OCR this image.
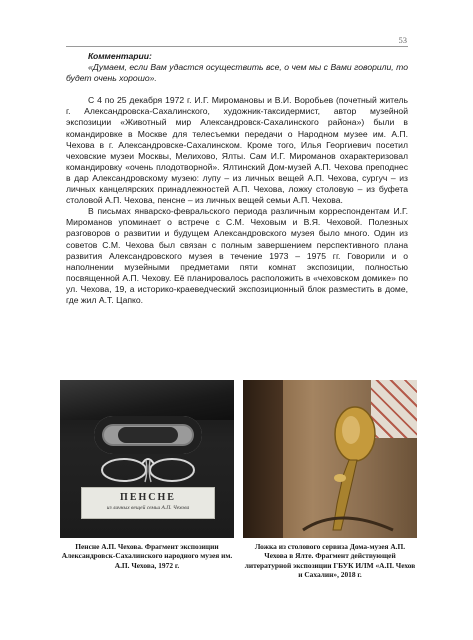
53

Комментарии:

«Думаем, если Вам удастся осуществить все, о чем мы с Вами говорили, то будет очень хорошо».

С 4 по 25 декабря 1972 г. И.Г. Миромановы и В.И. Воробьев (почетный житель г. Александровска-Сахалинского, художник-таксидермист, автор музейной экспозиции «Животный мир Александровск-Сахалинского района») были в командировке в Москве для телесъемки передачи о Народном музее им. А.П. Чехова в г. Александровске-Сахалинском. Кроме того, Илья Георгиевич посетил чеховские музеи Москвы, Мелихово, Ялты. Сам И.Г. Мироманов охарактеризовал командировку «очень плодотворной». Ялтинский Дом-музей А.П. Чехова преподнес в дар Александровскому музею: лупу – из личных вещей А.П. Чехова, сургуч – из личных канцелярских принадлежностей А.П. Чехова, ложку столовую – из буфета столовой А.П. Чехова, пенсне – из личных вещей семьи А.П. Чехова.

В письмах январско-февральского периода различным корреспондентам И.Г. Мироманов упоминает о встрече с С.М. Чеховым и В.Я. Чеховой. Полезных разговоров о развитии и будущем Александровского музея было много. Один из советов С.М. Чехова был связан с полным завершением перспективного плана развития Александровского музея в течение 1973 – 1975 гг. Говорили и о наполнении музейными предметами пяти комнат экспозиции, полностью посвященной А.П. Чехову. Её планировалось расположить в «чеховском домике» по ул. Чехова, 19, а историко-краеведческий экспозиционный блок разместить в доме, где жил А.Т. Цапко.

ПЕНСНЕ
из личных вещей семьи А.П. Чехова
Пенсне А.П. Чехова. Фрагмент экспозиции Александровск-Сахалинского народного музея им. А.П. Чехова, 1972 г.
Ложка из столового сервиза Дома-музея А.П. Чехова в Ялте. Фрагмент действующей литературной экспозиции ГБУК ИЛМ «А.П. Чехов и Сахалин», 2018 г.
